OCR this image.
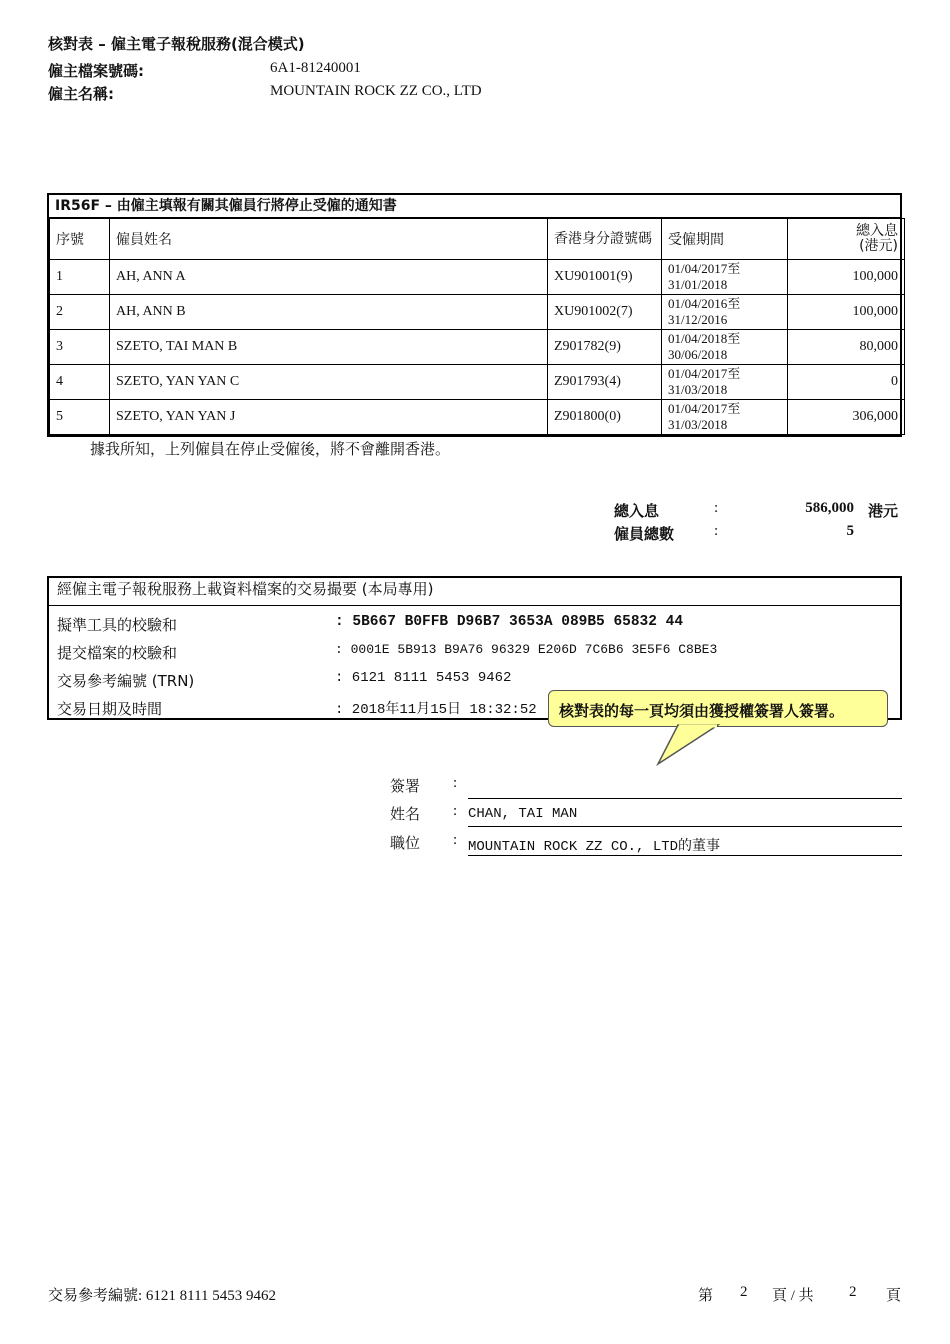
核對表 – 僱主電子報稅服務(混合模式)
僱主檔案號碼:	6A1-81240001
僱主名稱:	MOUNTAIN ROCK ZZ CO., LTD
IR56F – 由僱主填報有關其僱員行將停止受僱的通知書
序號	僱員姓名	香港身分證號碼	受僱期間	總入息
(港元)
1	AH, ANN A	XU901001(9)	01/04/2017至
31/01/2018	100,000
2	AH, ANN B	XU901002(7)	01/04/2016至
31/12/2016	100,000
3	SZETO, TAI MAN B	Z901782(9)	01/04/2018至
30/06/2018	80,000
4	SZETO, YAN YAN C	Z901793(4)	01/04/2017至
31/03/2018	0
5	SZETO, YAN YAN J	Z901800(0)	01/04/2017至
31/03/2018	306,000
據我所知，上列僱員在停止受僱後，將不會離開香港。
總入息	:	586,000 港元
僱員總數	:	5
經僱主電子報稅服務上載資料檔案的交易撮要 (本局專用)
擬準工具的校驗和	: 5B667 B0FFB D96B7 3653A 089B5 65832 44
提交檔案的校驗和	: 0001E 5B913 B9A76 96329 E206D 7C6B6 3E5F6 C8BE3
交易參考編號 (TRN)	: 6121 8111 5453 9462
交易日期及時間	: 2018年11月15日 18:32:52 核對表的每一頁均須由獲授權簽署人簽署。
簽署 :
姓名 : CHAN, TAI MAN
職位 : MOUNTAIN ROCK ZZ CO., LTD的董事
交易參考編號: 6121 8111 5453 9462	第 2 頁 / 共 2 頁
